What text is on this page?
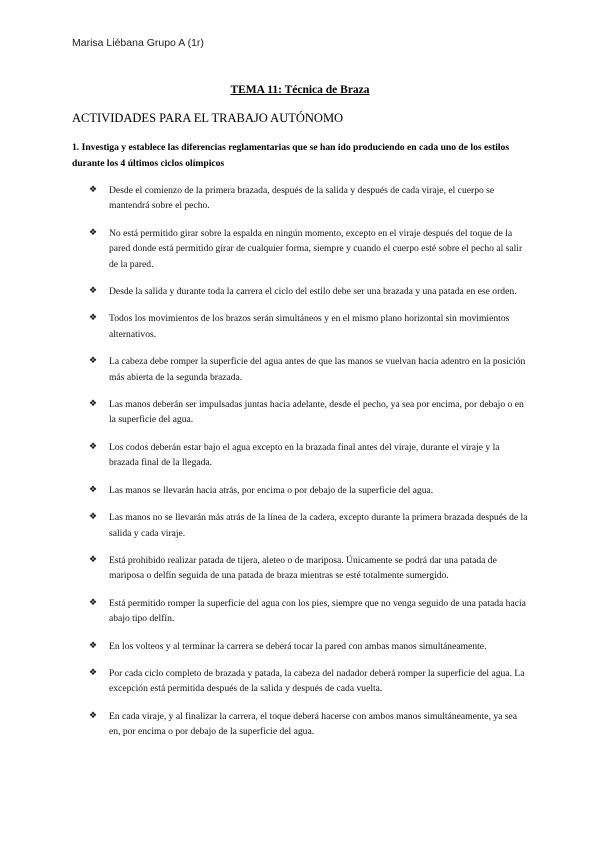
Marisa Liébana Grupo A (1r)
TEMA 11: Técnica de Braza
ACTIVIDADES PARA EL TRABAJO AUTÓNOMO
1. Investiga y establece las diferencias reglamentarias que se han ido produciendo en cada uno de los estilos durante los 4 últimos ciclos olímpicos
❖	Desde el comienzo de la primera brazada, después de la salida y después de cada viraje, el cuerpo se mantendrá sobre el pecho.
❖	No está permitido girar sobre la espalda en ningún momento, excepto en el viraje después del toque de la pared donde está permitido girar de cualquier forma, siempre y cuando el cuerpo esté sobre el pecho al salir de la pared.
❖	Desde la salida y durante toda la carrera el ciclo del estilo debe ser una brazada y una patada en ese orden.
❖	Todos los movimientos de los brazos serán simultáneos y en el mismo plano horizontal sin movimientos alternativos.
❖	La cabeza debe romper la superficie del agua antes de que las manos se vuelvan hacia adentro en la posición más abierta de la segunda brazada.
❖	Las manos deberán ser impulsadas juntas hacia adelante, desde el pecho, ya sea por encima, por debajo o en la superficie del agua.
❖	Los codos deberán estar bajo el agua excepto en la brazada final antes del viraje, durante el viraje y la brazada final de la llegada.
❖	Las manos se llevarán hacia atrás, por encima o por debajo de la superficie del agua.
❖	Las manos no se llevarán más atrás de la línea de la cadera, excepto durante la primera brazada después de la salida y cada viraje.
❖	Está prohibido realizar patada de tijera, aleteo o de mariposa. Únicamente se podrá dar una patada de mariposa o delfín seguida de una patada de braza mientras se esté totalmente sumergido.
❖	Está permitido romper la superficie del agua con los pies, siempre que no venga seguido de una patada hacia abajo tipo delfín.
❖	En los volteos y al terminar la carrera se deberá tocar la pared con ambas manos simultáneamente.
❖	Por cada ciclo completo de brazada y patada, la cabeza del nadador deberá romper la superficie del agua. La excepción está permitida después de la salida y después de cada vuelta.
❖	En cada viraje, y al finalizar la carrera, el toque deberá hacerse con ambos manos simultáneamente, ya sea en, por encima o por debajo de la superficie del agua.
